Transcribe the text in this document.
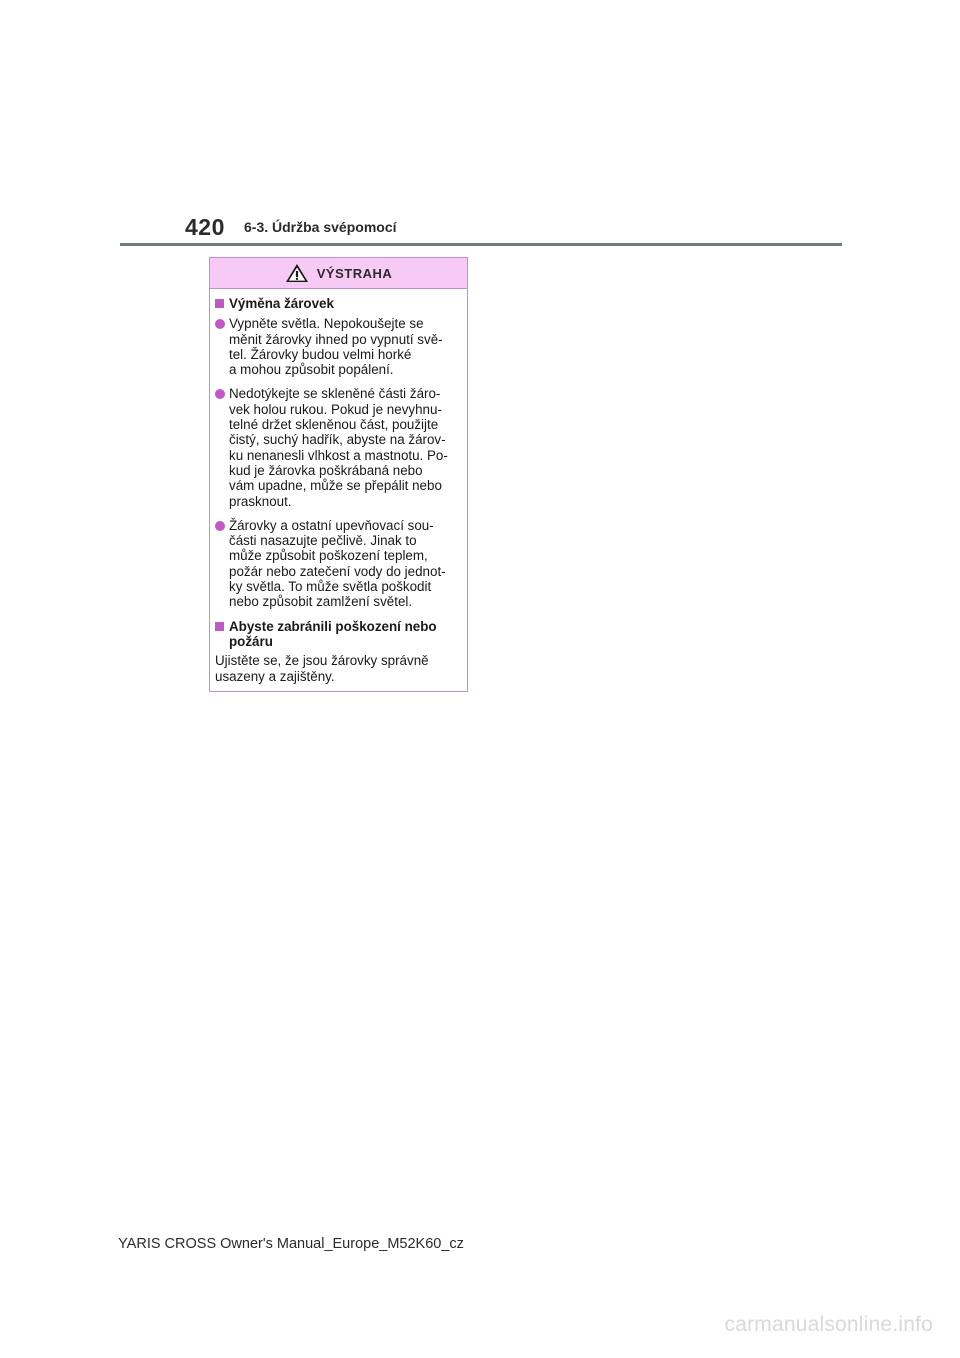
420 6-3. Údržba svépomocí
VÝSTRAHA
Výměna žárovek
Vypněte světla. Nepokoušejte se
měnit žárovky ihned po vypnutí svě-
tel. Žárovky budou velmi horké
a mohou způsobit popálení.
Nedotýkejte se skleněné části žáro-
vek holou rukou. Pokud je nevyhnu-
telné držet skleněnou část, použijte
čistý, suchý hadřík, abyste na žárov-
ku nenanesli vlhkost a mastnotu. Po-
kud je žárovka poškrábaná nebo
vám upadne, může se přepálit nebo
prasknout.
Žárovky a ostatní upevňovací sou-
části nasazujte pečlivě. Jinak to
může způsobit poškození teplem,
požár nebo zatečení vody do jednot-
ky světla. To může světla poškodit
nebo způsobit zamlžení světel.
Abyste zabránili poškození nebo
požáru
Ujistěte se, že jsou žárovky správně
usazeny a zajištěny.
YARIS CROSS Owner's Manual_Europe_M52K60_cz
carmanualsonline.info
